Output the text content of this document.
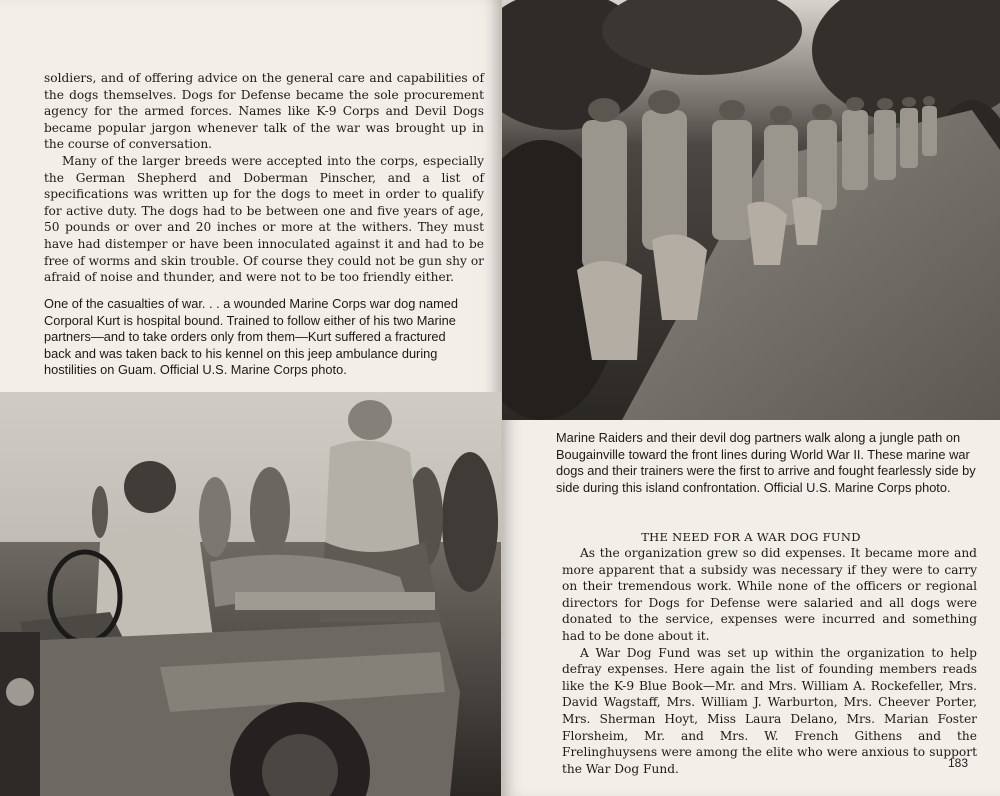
soldiers, and of offering advice on the general care and capabilities of the dogs themselves. Dogs for Defense became the sole procurement agency for the armed forces. Names like K-9 Corps and Devil Dogs became popular jargon whenever talk of the war was brought up in the course of conversation.

Many of the larger breeds were accepted into the corps, especially the German Shepherd and Doberman Pinscher, and a list of specifications was written up for the dogs to meet in order to qualify for active duty. The dogs had to be between one and five years of age, 50 pounds or over and 20 inches or more at the withers. They must have had distemper or have been innoculated against it and had to be free of worms and skin trouble. Of course they could not be gun shy or afraid of noise and thunder, and were not to be too friendly either.

One of the casualties of war. . . a wounded Marine Corps war dog named Corporal Kurt is hospital bound. Trained to follow either of his two Marine partners—and to take orders only from them—Kurt suffered a fractured back and was taken back to his kennel on this jeep ambulance during hostilities on Guam. Official U.S. Marine Corps photo.

Marine Raiders and their devil dog partners walk along a jungle path on Bougainville toward the front lines during World War II. These marine war dogs and their trainers were the first to arrive and fought fearlessly side by side during this island confrontation. Official U.S. Marine Corps photo.

THE NEED FOR A WAR DOG FUND

As the organization grew so did expenses. It became more and more apparent that a subsidy was necessary if they were to carry on their tremendous work. While none of the officers or regional directors for Dogs for Defense were salaried and all dogs were donated to the service, expenses were incurred and something had to be done about it.

A War Dog Fund was set up within the organization to help defray expenses. Here again the list of founding members reads like the K-9 Blue Book—Mr. and Mrs. William A. Rockefeller, Mrs. David Wagstaff, Mrs. William J. Warburton, Mrs. Cheever Porter, Mrs. Sherman Hoyt, Miss Laura Delano, Mrs. Marian Foster Florsheim, Mr. and Mrs. W. French Githens and the Frelinghuysens were among the elite who were anxious to support the War Dog Fund.	183
